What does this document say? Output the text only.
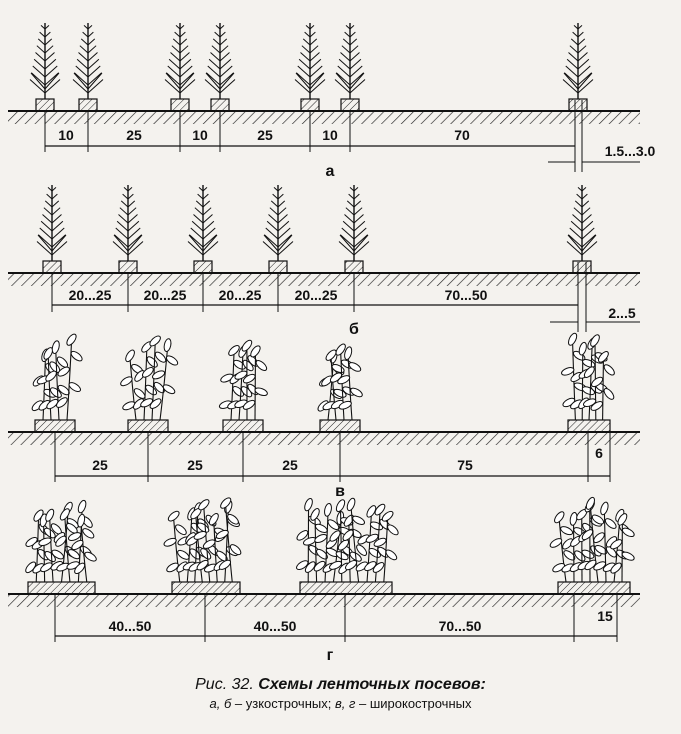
10	25	10	25	10	70
1.5...3.0
а
20...25 20...25 20...25 20...25	70...50
2...5
б
25	25	25	75
6
в
40...50	40...50	70...50
15
г

Рис. 32. Схемы ленточных посевов:

а, б – узкострочных; в, г – широкострочных
